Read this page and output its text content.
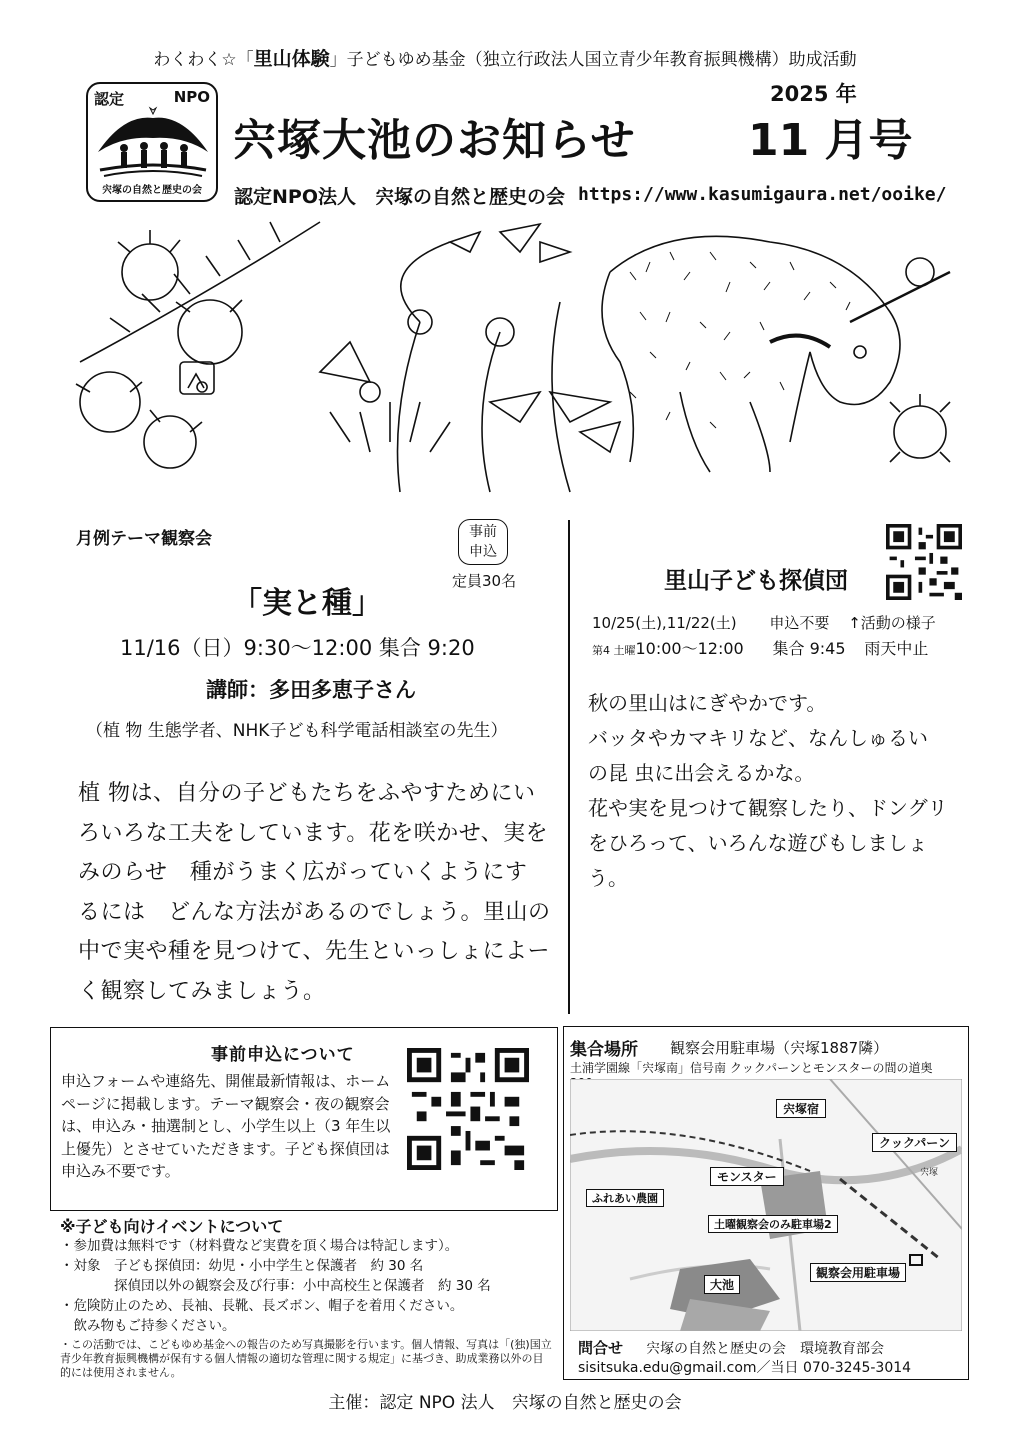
わくわく☆「里山体験」子どもゆめ基金（独立行政法人国立青少年教育振興機構）助成活動
認定	NPO
宍塚の自然と歴史の会
宍塚大池のお知らせ
2025 年
11 月号
認定NPO法人　宍塚の自然と歴史の会 https://www.kasumigaura.net/ooike/
月例テーマ観察会	事前
申込
定員30名
「実と種」
11/16（日）9:30〜12:00 集合 9:20
講師：多田多恵子さん
（植 物 生態学者、NHK子ども科学電話相談室の先生）
植 物は、自分の子どもたちをふやすためにい
ろいろな工夫をしています。花を咲かせ、実を
みのらせ　種がうまく広がっていくようにす
るには　どんな方法があるのでしょう。里山の
中で実や種を見つけて、先生といっしょによー
く観察してみましょう。
里山子ども探偵団
10/25(土),11/22(土) 申込不要 ↑活動の様子
第4 土曜10:00〜12:00 集合 9:45 雨天中止
秋の里山はにぎやかです。
バッタやカマキリなど、なんしゅるい
の昆 虫に出会えるかな。
花や実を見つけて観察したり、ドングリ
をひろって、いろんな遊びもしましょ
う。
事前申込について
申込フォームや連絡先、開催最新情報は、ホームページに掲載します。テーマ観察会・夜の観察会は、申込み・抽選制とし、小学生以上（3 年生以上優先）とさせていただきます。子ども探偵団は申込み不要です。
集合場所 観察会用駐車場（宍塚1887隣）
土浦学園線「宍塚南」信号南 クックパーンとモンスターの間の道奥
宍塚宿
クックパーン
宍塚
モンスター
ふれあい農園
土曜観察会のみ駐車場2
観察会用駐車場
大池
問合せ 宍塚の自然と歴史の会　環境教育部会
sisitsuka.edu@gmail.com／当日 070-3245-3014
※子ども向けイベントについて
・参加費は無料です（材料費など実費を頂く場合は特記します）。
・対象　子ども探偵団：幼児・小中学生と保護者　約 30 名
　　　　探偵団以外の観察会及び行事：小中高校生と保護者　約 30 名
・危険防止のため、長袖、長靴、長ズボン、帽子を着用ください。
　飲み物もご持参ください。
・この活動では、こどもゆめ基金への報告のため写真撮影を行います。個人情報、写真は「(独)国立青少年教育振興機構が保有する個人情報の適切な管理に関する規定」に基づき、助成業務以外の目的には使用されません。
主催：認定 NPO 法人　宍塚の自然と歴史の会
